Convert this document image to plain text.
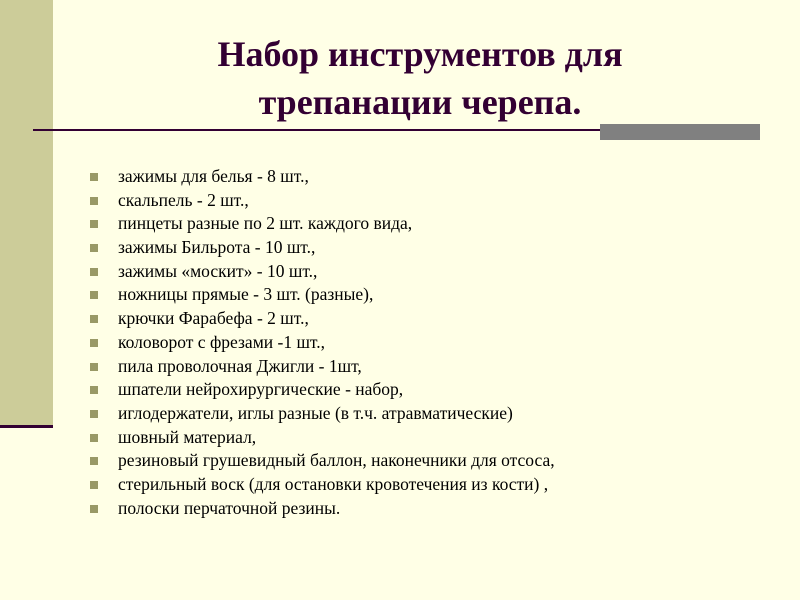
Набор инструментов для
трепанации черепа.
зажимы для белья - 8 шт.,
скальпель - 2 шт.,
пинцеты разные по 2 шт. каждого вида,
зажимы Бильрота - 10 шт.,
зажимы «москит» - 10 шт.,
ножницы прямые - 3 шт. (разные),
крючки Фарабефа - 2 шт.,
коловорот с фрезами -1 шт.,
пила проволочная Джигли - 1шт,
шпатели нейрохирургические - набор,
иглодержатели, иглы разные (в т.ч. атравматические)
шовный материал,
резиновый грушевидный баллон, наконечники для отсоса,
стерильный воск (для остановки кровотечения из кости) ,
полоски перчаточной резины.
